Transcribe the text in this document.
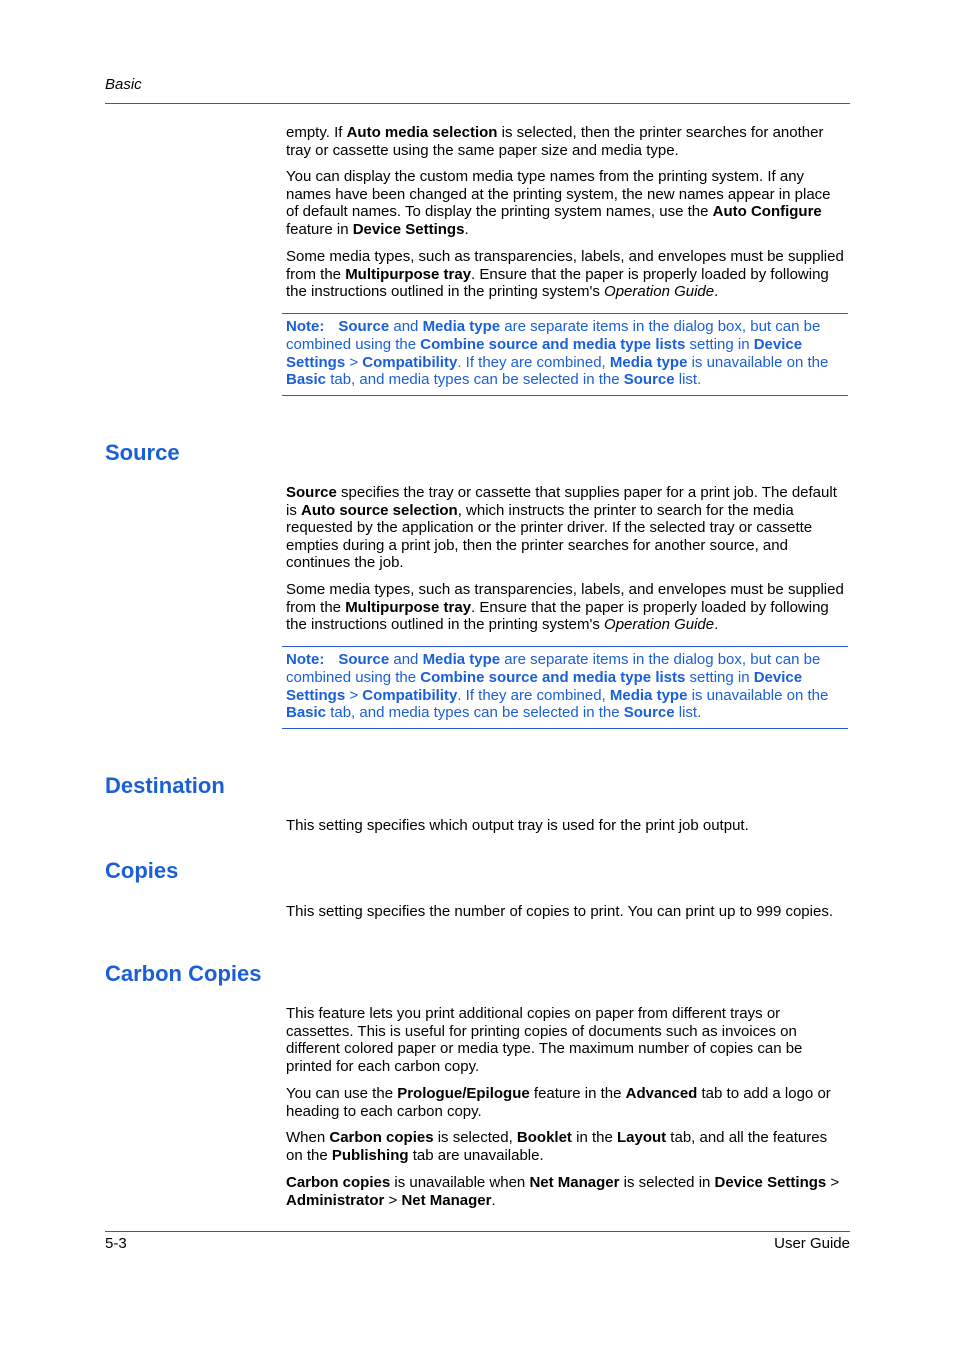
Basic

empty. If Auto media selection is selected, then the printer searches for another tray or cassette using the same paper size and media type.

You can display the custom media type names from the printing system. If any names have been changed at the printing system, the new names appear in place of default names. To display the printing system names, use the Auto Configure feature in Device Settings.

Some media types, such as transparencies, labels, and envelopes must be supplied from the Multipurpose tray. Ensure that the paper is properly loaded by following the instructions outlined in the printing system's Operation Guide.

Note: Source and Media type are separate items in the dialog box, but can be combined using the Combine source and media type lists setting in Device Settings > Compatibility. If they are combined, Media type is unavailable on the Basic tab, and media types can be selected in the Source list.
Source

Source specifies the tray or cassette that supplies paper for a print job. The default is Auto source selection, which instructs the printer to search for the media requested by the application or the printer driver. If the selected tray or cassette empties during a print job, then the printer searches for another source, and continues the job.

Some media types, such as transparencies, labels, and envelopes must be supplied from the Multipurpose tray. Ensure that the paper is properly loaded by following the instructions outlined in the printing system's Operation Guide.

Note: Source and Media type are separate items in the dialog box, but can be combined using the Combine source and media type lists setting in Device Settings > Compatibility. If they are combined, Media type is unavailable on the Basic tab, and media types can be selected in the Source list.
Destination

This setting specifies which output tray is used for the print job output.

Copies

This setting specifies the number of copies to print. You can print up to 999 copies.

Carbon Copies

This feature lets you print additional copies on paper from different trays or cassettes. This is useful for printing copies of documents such as invoices on different colored paper or media type. The maximum number of copies can be printed for each carbon copy.

You can use the Prologue/Epilogue feature in the Advanced tab to add a logo or heading to each carbon copy.

When Carbon copies is selected, Booklet in the Layout tab, and all the features on the Publishing tab are unavailable.

Carbon copies is unavailable when Net Manager is selected in Device Settings > Administrator > Net Manager.

5-3	User Guide
